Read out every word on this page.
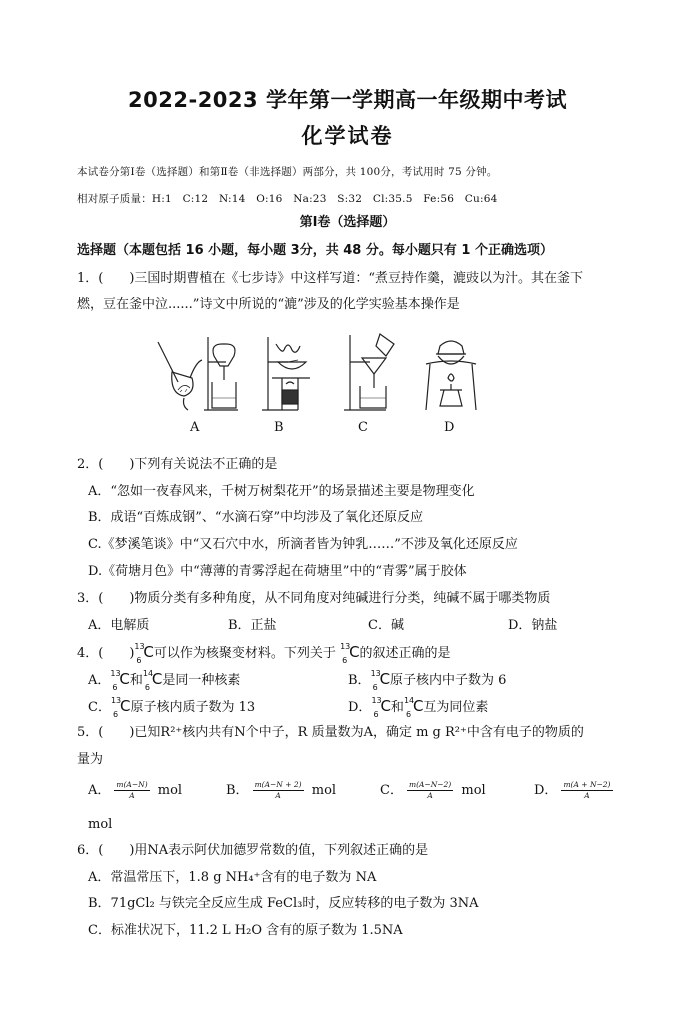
2022-2023 学年第一学期高一年级期中考试
化学试卷
本试卷分第Ⅰ卷（选择题）和第Ⅱ卷（非选择题）两部分，共 100分，考试用时 75 分钟。
相对原子质量：H:1　C:12　N:14　O:16　Na:23　S:32　Cl:35.5　Fe:56　Cu:64
第Ⅰ卷（选择题）
选择题（本题包括 16 小题，每小题 3分，共 48 分。每小题只有 1 个正确选项）
1．(　　)三国时期曹植在《七步诗》中这样写道：“煮豆持作羹，漉豉以为汁。其在釜下
燃，豆在釜中泣......”诗文中所说的“漉”涉及的化学实验基本操作是
A	B	C	D
2．(　　)下列有关说法不正确的是
A．“忽如一夜春风来，千树万树梨花开”的场景描述主要是物理变化
B．成语“百炼成钢”、“水滴石穿”中均涉及了氧化还原反应
C.《梦溪笔谈》中“又石穴中水，所滴者皆为钟乳……”不涉及氧化还原反应
D.《荷塘月色》中“薄薄的青雾浮起在荷塘里”中的“青雾”属于胶体
3．(　　)物质分类有多种角度，从不同角度对纯碱进行分类，纯碱不属于哪类物质
A．电解质	B．正盐	C．碱	D．钠盐
4．(　　) 13
6 C可以作为核聚变材料。下列关于 13
6 C的叙述正确的是
A． 13
6 C和 14
6 C是同一种核素	B． 13
6 C原子核内中子数为 6
C． 13
6 C原子核内质子数为 13	D． 13
6 C和 14
6 C互为同位素
5．(　　)已知R²⁺核内共有N个中子，R 质量数为A，确定 m g R²⁺中含有电子的物质的
量为
A． $\frac{m(A-N)}{A}$ mol	B． $\frac{m(A-N + 2)}{A}$ mol	C． $\frac{m(A-N-2)}{A}$ mol	D． $\frac{m(A + N-2)}{A}$
mol
6．(　　)用NA表示阿伏加德罗常数的值，下列叙述正确的是
A．常温常压下，1.8 g NH₄⁺含有的电子数为 NA
B．71gCl₂ 与铁完全反应生成 FeCl₃时，反应转移的电子数为 3NA
C．标准状况下，11.2 L H₂O 含有的原子数为 1.5NA
